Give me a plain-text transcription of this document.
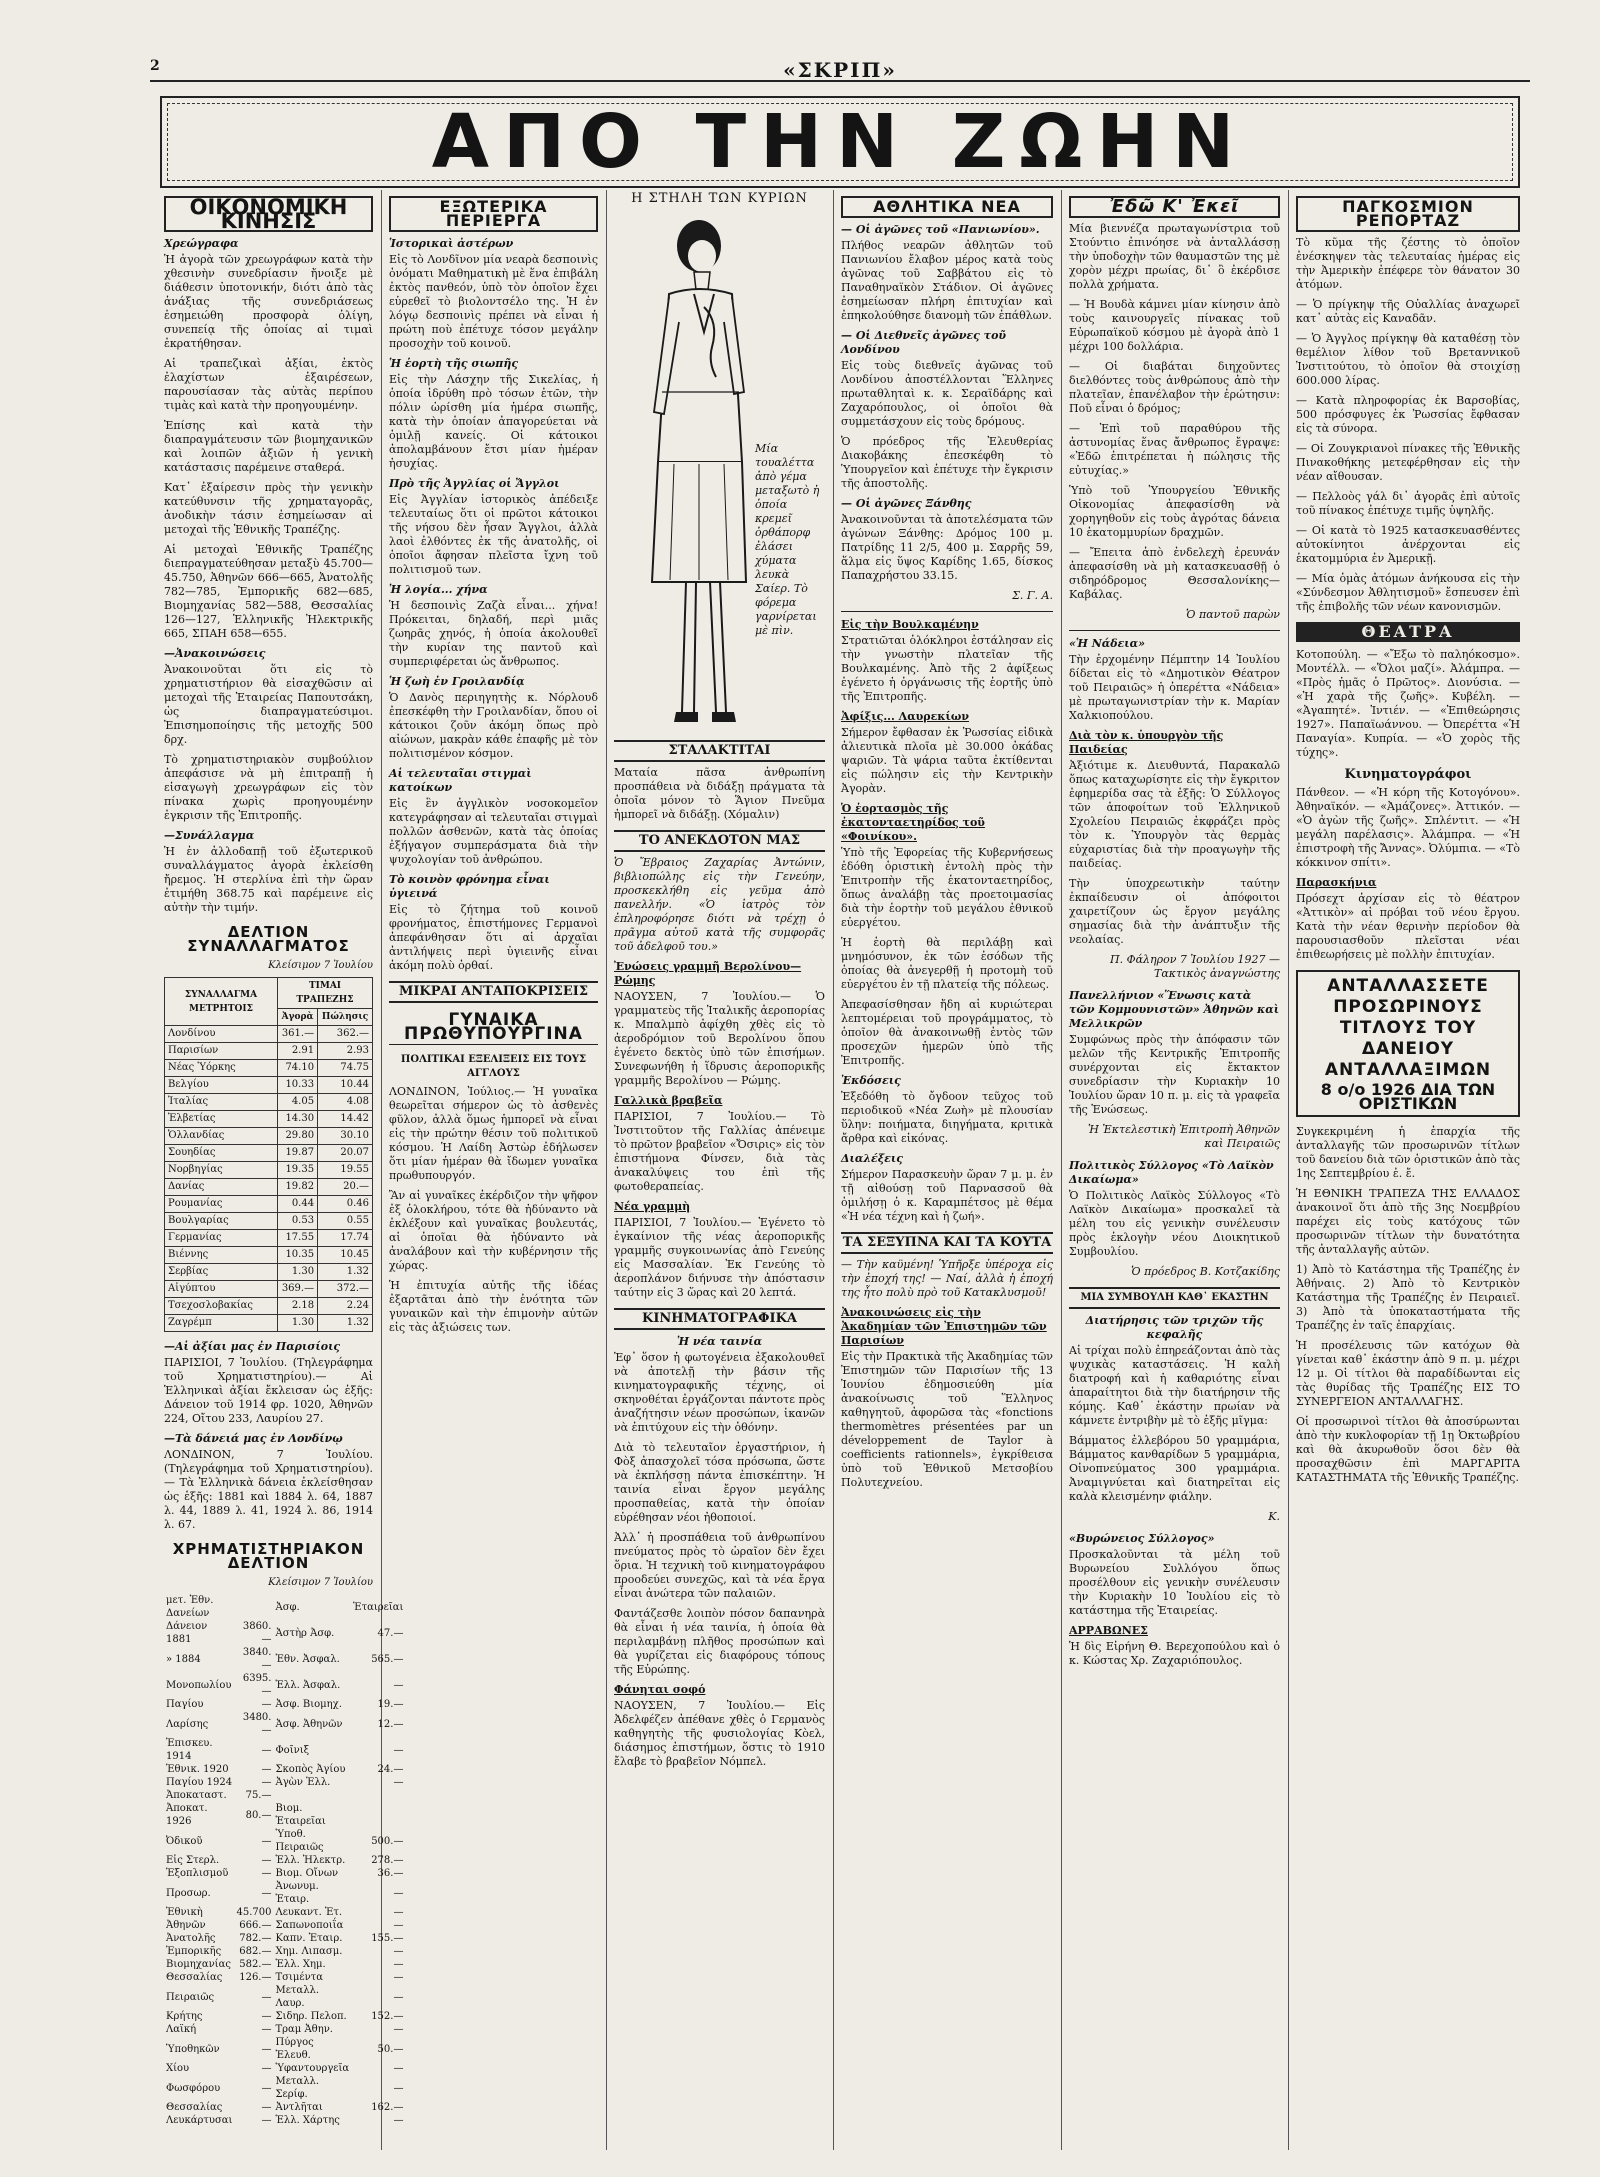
2	«ΣΚΡΙΠ»
ΑΠΟ ΤΗΝ ΖΩΗΝ
ΟΙΚΟΝΟΜΙΚΗ ΚΙΝΗΣΙΣ
Χρεώγραφα

Ἡ ἀγορὰ τῶν χρεωγράφων κατὰ τὴν χθεσινὴν συνεδρίασιν ἤνοιξε μὲ διάθεσιν ὑποτονικήν, διότι ἀπὸ τὰς ἀνάξιας τῆς συνεδριάσεως ἐσημειώθη προσφορὰ ὀλίγη, συνεπείᾳ τῆς ὁποίας αἱ τιμαὶ ἐκρατήθησαν.

Αἱ τραπεζικαὶ ἀξίαι, ἐκτὸς ἐλαχίστων ἐξαιρέσεων, παρουσίασαν τὰς αὐτὰς περίπου τιμὰς καὶ κατὰ τὴν προηγουμένην.

Ἐπίσης καὶ κατὰ τὴν διαπραγμάτευσιν τῶν βιομηχανικῶν καὶ λοιπῶν ἀξιῶν ἡ γενικὴ κατάστασις παρέμεινε σταθερά.

Κατ᾿ ἐξαίρεσιν πρὸς τὴν γενικὴν κατεύθυνσιν τῆς χρηματαγορᾶς, ἀνοδικὴν τάσιν ἐσημείωσαν αἱ μετοχαὶ τῆς Ἐθνικῆς Τραπέζης.

Αἱ μετοχαὶ Ἐθνικῆς Τραπέζης διεπραγματεύθησαν μεταξὺ 45.700—45.750, Ἀθηνῶν 666—665, Ἀνατολῆς 782—785, Ἐμπορικῆς 682—685, Βιομηχανίας 582—588, Θεσσαλίας 126—127, Ἑλληνικῆς Ἠλεκτρικῆς 665, ΣΠΑΗ 658—655.

—Ἀνακοινώσεις

Ἀνακοινοῦται ὅτι εἰς τὸ χρηματιστήριον θὰ εἰσαχθῶσιν αἱ μετοχαὶ τῆς Ἑταιρείας Παπουτσάκη, ὡς διαπραγματεύσιμοι. Ἐπισημοποίησις τῆς μετοχῆς 500 δρχ.

Τὸ χρηματιστηριακὸν συμβούλιον ἀπεφάσισε νὰ μὴ ἐπιτραπῇ ἡ εἰσαγωγὴ χρεωγράφων εἰς τὸν πίνακα χωρὶς προηγουμένην ἐγκρισιν τῆς Ἐπιτροπῆς.

—Συνάλλαγμα

Ἡ ἐν ἀλλοδαπῇ τοῦ ἐξωτερικοῦ συναλλάγματος ἀγορὰ ἐκλείσθη ἤρεμος. Ἡ στερλίνα ἐπὶ τὴν ὥραν ἐτιμήθη 368.75 καὶ παρέμεινε εἰς αὐτὴν τὴν τιμήν.

ΔΕΛΤΙΟΝ ΣΥΝΑΛΛΑΓΜΑΤΟΣ
Κλείσιμον 7 Ἰουλίου
ΣΥΝΑΛΛΑΓΜΑ ΜΕΤΡΗΤΟΙΣ	ΤΙΜΑΙ ΤΡΑΠΕΖΗΣ	
	Ἀγορὰ	Πώλησις
Λονδίνου	361.—	362.—
Παρισίων	2.91	2.93
Νέας Ὑόρκης	74.10	74.75
Βελγίου	10.33	10.44
Ἰταλίας	4.05	4.08
Ἑλβετίας	14.30	14.42
Ὁλλανδίας	29.80	30.10
Σουηδίας	19.87	20.07
Νορβηγίας	19.35	19.55
Δανίας	19.82	20.—
Ρουμανίας	0.44	0.46
Βουλγαρίας	0.53	0.55
Γερμανίας	17.55	17.74
Βιέννης	10.35	10.45
Σερβίας	1.30	1.32
Αἰγύπτου	369.—	372.—
Τσεχοσλοβακίας	2.18	2.24
Ζαγρέμπ	1.30	1.32
—Αἱ ἀξίαι μας ἐν Παρισίοις

ΠΑΡΙΣΙΟΙ, 7 Ἰουλίου. (Τηλεγράφημα τοῦ Χρηματιστηρίου).— Αἱ Ἑλληνικαὶ ἀξίαι ἔκλεισαν ὡς ἑξῆς: Δάνειον τοῦ 1914 φρ. 1020, Ἀθηνῶν 224, Οἴτου 233, Λαυρίου 27.

—Τὰ δάνειά μας ἐν Λονδίνῳ

ΛΟΝΔΙΝΟΝ, 7 Ἰουλίου. (Τηλεγράφημα τοῦ Χρηματιστηρίου).— Τὰ Ἑλληνικὰ δάνεια ἐκλείσθησαν ὡς ἑξῆς: 1881 καὶ 1884 λ. 64, 1887 λ. 44, 1889 λ. 41, 1924 λ. 86, 1914 λ. 67.

ΧΡΗΜΑΤΙΣΤΗΡΙΑΚΟΝ ΔΕΛΤΙΟΝ
Κλείσιμον 7 Ἰουλίου
μετ. Ἐθν. Δανείων		Ἀσφ.	Ἑταιρεῖαι
Δάνειον 1881	3860.—	Ἀστὴρ Ἀσφ.	47.—
» 1884	3840.—	Ἐθν. Ἀσφαλ.	565.—
Μονοπωλίου	6395.—	Ἑλλ. Ἀσφαλ.	—
Παγίου	—	Ἀσφ. Βιομηχ.	19.—
Λαρίσης	3480.—	Ἀσφ. Ἀθηνῶν	12.—
Ἐπισκευ. 1914	—	Φοῖνιξ	—
Ἐθνικ. 1920	—	Σκοπὸς Ἀγίου	24.—
Παγίου 1924	—	Ἀγὼν Ἑλλ.	—
Ἀποκαταστ.	75.—		
Ἀποκατ. 1926	80.—	Βιομ. Ἑταιρεῖαι	
Ὀδικοῦ	—	Ὑποθ. Πειραιῶς	500.—
Εἰς Στερλ.	—	Ἑλλ. Ἠλεκτρ.	278.—
Ἐξοπλισμοῦ	—	Βιομ. Οἴνων	36.—
Προσωρ.	—	Ἀνωνυμ. Ἑταιρ.	—
Ἐθνικὴ	45.700	Λευκαντ. Ἑτ.	—
Ἀθηνῶν	666.—	Σαπωνοποιΐα	—
Ἀνατολῆς	782.—	Καπν. Ἑταιρ.	155.—
Ἐμπορικῆς	682.—	Χημ. Λιπασμ.	—
Βιομηχανίας	582.—	Ἑλλ. Χημ.	—
Θεσσαλίας	126.—	Τσιμέντα	—
Πειραιῶς	—	Μεταλλ. Λαυρ.	—
Κρήτης	—	Σιδηρ. Πελοπ.	152.—
Λαϊκή	—	Τραμ Ἀθην.	—
Ὑποθηκῶν	—	Πύργος Ἐλευθ.	50.—
Χίου	—	Ὑφαντουργεῖα	—
Φωσφόρου	—	Μεταλλ. Σερίφ.	—
Θεσσαλίας	—	Ἀντλῆται	162.—
Λευκάρτυσαι	—	Ἑλλ. Χάρτης	—
ΕΞΩΤΕΡΙΚΑ ΠΕΡΙΕΡΓΑ
Ἱστορικαὶ ἀστέρων

Εἰς τὸ Λονδῖνον μία νεαρὰ δεσποινὶς ὀνόματι Μαθηματικὴ μὲ ἕνα ἐπιβάλη ἐκτὸς πανθεόν, ὑπὸ τὸν ὁποῖον ἔχει εὑρεθεῖ τὸ βιολοντσέλο της. Ἡ ἐν λόγῳ δεσποινὶς πρέπει νὰ εἶναι ἡ πρώτη ποὺ ἐπέτυχε τόσον μεγάλην προσοχὴν τοῦ κοινοῦ.

Ἡ ἑορτὴ τῆς σιωπῆς

Εἰς τὴν Λάσχην τῆς Σικελίας, ἡ ὁποία ἱδρύθη πρὸ τόσων ἐτῶν, τὴν πόλιν ὡρίσθη μία ἡμέρα σιωπῆς, κατὰ τὴν ὁποίαν ἀπαγορεύεται νὰ ὁμιλῇ κανείς. Οἱ κάτοικοι ἀπολαμβάνουν ἔτσι μίαν ἡμέραν ἡσυχίας.

Πρὸ τῆς Ἀγγλίας οἱ Ἄγγλοι

Εἰς Ἀγγλίαν ἱστορικὸς ἀπέδειξε τελευταίως ὅτι οἱ πρῶτοι κάτοικοι τῆς νήσου δὲν ἦσαν Ἄγγλοι, ἀλλὰ λαοὶ ἐλθόντες ἐκ τῆς ἀνατολῆς, οἱ ὁποῖοι ἄφησαν πλεῖστα ἴχνη τοῦ πολιτισμοῦ των.

Ἡ λογία... χήνα

Ἡ δεσποινὶς Ζαζὰ εἶναι... χήνα! Πρόκειται, δηλαδή, περὶ μιᾶς ζωηρᾶς χηνός, ἡ ὁποία ἀκολουθεῖ τὴν κυρίαν της παντοῦ καὶ συμπεριφέρεται ὡς ἄνθρωπος.

Ἡ ζωὴ ἐν Γροιλανδίᾳ

Ὁ Δανὸς περιηγητὴς κ. Νόρλουδ ἐπεσκέφθη τὴν Γροιλανδίαν, ὅπου οἱ κάτοικοι ζοῦν ἀκόμη ὅπως πρὸ αἰώνων, μακρὰν κάθε ἐπαφῆς μὲ τὸν πολιτισμένον κόσμον.

Αἱ τελευταῖαι στιγμαὶ κατοίκων

Εἰς ἓν ἀγγλικὸν νοσοκομεῖον κατεγράφησαν αἱ τελευταῖαι στιγμαὶ πολλῶν ἀσθενῶν, κατὰ τὰς ὁποίας ἐξήγαγον συμπεράσματα διὰ τὴν ψυχολογίαν τοῦ ἀνθρώπου.

Τὸ κοινὸν φρόνημα εἶναι ὑγιεινά

Εἰς τὸ ζήτημα τοῦ κοινοῦ φρονήματος, ἐπιστήμονες Γερμανοὶ ἀπεφάνθησαν ὅτι αἱ ἀρχαῖαι ἀντιλήψεις περὶ ὑγιεινῆς εἶναι ἀκόμη πολὺ ὀρθαί.

ΜΙΚΡΑΙ ΑΝΤΑΠΟΚΡΙΣΕΙΣ
ΓΥΝΑΙΚΑ ΠΡΩΘΥΠΟΥΡΓΙΝΑ
ΠΟΛΙΤΙΚΑΙ ΕΞΕΛΙΞΕΙΣ ΕΙΣ ΤΟΥΣ ΑΓΓΛΟΥΣ

ΛΟΝΔΙΝΟΝ, Ἰούλιος.— Ἡ γυναῖκα θεωρεῖται σήμερον ὡς τὸ ἀσθενὲς φῦλον, ἀλλὰ ὅμως ἡμπορεῖ νὰ εἶναι εἰς τὴν πρώτην θέσιν τοῦ πολιτικοῦ κόσμου. Ἡ Λαίδη Ἀστὼρ ἐδήλωσεν ὅτι μίαν ἡμέραν θὰ ἴδωμεν γυναῖκα πρωθυπουργόν.

Ἂν αἱ γυναῖκες ἐκέρδιζον τὴν ψῆφον ἐξ ὁλοκλήρου, τότε θὰ ἠδύναντο νὰ ἐκλέξουν καὶ γυναῖκας βουλευτάς, αἱ ὁποῖαι θὰ ἠδύναντο νὰ ἀναλάβουν καὶ τὴν κυβέρνησιν τῆς χώρας.

Ἡ ἐπιτυχία αὐτῆς τῆς ἰδέας ἐξαρτᾶται ἀπὸ τὴν ἐνότητα τῶν γυναικῶν καὶ τὴν ἐπιμονὴν αὐτῶν εἰς τὰς ἀξιώσεις των.

Η ΣΤΗΛΗ ΤΩΝ ΚΥΡΙΩΝ
Μία τουαλέττα ἀπὸ γέμα μεταξωτὸ ἡ ὁποία κρεμεῖ ὀρθάπορφ ἐλάσει χύματα λευκὰ Σαίερ. Τὸ φόρεμα γαρνίρεται μὲ πὶν.
ΣΤΑΛΑΚΤΙΤΑΙ

Ματαία πᾶσα ἀνθρωπίνη προσπάθεια νὰ διδάξῃ πράγματα τὰ ὁποῖα μόνον τὸ Ἅγιον Πνεῦμα ἠμπορεῖ νὰ διδάξῃ. (Χόμαλιν)

ΤΟ ΑΝΕΚΔΟΤΟΝ ΜΑΣ

Ὁ Ἔβραιος Ζαχαρίας Ἀντώνιν, βιβλιοπώλης εἰς τὴν Γενεύην, προσκεκλήθη εἰς γεῦμα ἀπὸ πανελλήν. «Ὁ ἰατρὸς τὸν ἐπληροφόρησε διότι νὰ τρέχῃ ὁ πρᾶγμα αὐτοῦ κατὰ τῆς συμφορᾶς τοῦ ἀδελφοῦ του.»

Ἐνώσεις γραμμῆ Βερολίνου—Ρώμης

ΝΑΟΥΣΕΝ, 7 Ἰουλίου.— Ὁ γραμματεὺς τῆς Ἰταλικῆς ἀεροπορίας κ. Μπαλμπὸ ἀφίχθη χθὲς εἰς τὸ ἀεροδρόμιον τοῦ Βερολίνου ὅπου ἐγένετο δεκτὸς ὑπὸ τῶν ἐπισήμων. Συνεφωνήθη ἡ ἵδρυσις ἀεροπορικῆς γραμμῆς Βερολίνου — Ρώμης.

Γαλλικὰ βραβεῖα

ΠΑΡΙΣΙΟΙ, 7 Ἰουλίου.— Τὸ Ἰνστιτοῦτον τῆς Γαλλίας ἀπένειμε τὸ πρῶτον βραβεῖον «Ὄσιρις» εἰς τὸν ἐπιστήμονα Φίνσεν, διὰ τὰς ἀνακαλύψεις του ἐπὶ τῆς φωτοθεραπείας.

Νέα γραμμὴ

ΠΑΡΙΣΙΟΙ, 7 Ἰουλίου.— Ἐγένετο τὸ ἐγκαίνιον τῆς νέας ἀεροπορικῆς γραμμῆς συγκοινωνίας ἀπὸ Γενεύης εἰς Μασσαλίαν. Ἐκ Γενεύης τὸ ἀεροπλάνον διήνυσε τὴν ἀπόστασιν ταύτην εἰς 3 ὥρας καὶ 20 λεπτά.

ΚΙΝΗΜΑΤΟΓΡΑΦΙΚΑ
Ἡ νέα ταινία

Ἐφ᾿ ὅσον ἡ φωτογένεια ἐξακολουθεῖ νὰ ἀποτελῇ τὴν βάσιν τῆς κινηματογραφικῆς τέχνης, οἱ σκηνοθέται ἐργάζονται πάντοτε πρὸς ἀναζήτησιν νέων προσώπων, ἱκανῶν νὰ ἐπιτύχουν εἰς τὴν ὀθόνην.

Διὰ τὸ τελευταῖον ἐργαστήριον, ἡ Φὸξ ἀπασχολεῖ τόσα πρόσωπα, ὥστε νὰ ἐκπλήσσῃ πάντα ἐπισκέπτην. Ἡ ταινία εἶναι ἔργον μεγάλης προσπαθείας, κατὰ τὴν ὁποίαν εὑρέθησαν νέοι ἠθοποιοί.

Ἀλλ᾿ ἡ προσπάθεια τοῦ ἀνθρωπίνου πνεύματος πρὸς τὸ ὡραῖον δὲν ἔχει ὅρια. Ἡ τεχνικὴ τοῦ κινηματογράφου προοδεύει συνεχῶς, καὶ τὰ νέα ἔργα εἶναι ἀνώτερα τῶν παλαιῶν.

Φαντάζεσθε λοιπὸν πόσον δαπανηρὰ θὰ εἶναι ἡ νέα ταινία, ἡ ὁποία θὰ περιλαμβάνῃ πλῆθος προσώπων καὶ θὰ γυρίζεται εἰς διαφόρους τόπους τῆς Εὐρώπης.

Φάνηται σοφό

ΝΑΟΥΣΕΝ, 7 Ἰουλίου.— Εἰς Ἀδελφέζεν ἀπέθανε χθὲς ὁ Γερμανὸς καθηγητὴς τῆς φυσιολογίας Κὸελ, διάσημος ἐπιστήμων, ὅστις τὸ 1910 ἔλαβε τὸ βραβεῖον Νόμπελ.

ΑΘΛΗΤΙΚΑ ΝΕΑ
— Οἱ ἀγῶνες τοῦ «Πανιωνίου».

Πλήθος νεαρῶν ἀθλητῶν τοῦ Πανιωνίου ἔλαβον μέρος κατὰ τοὺς ἀγῶνας τοῦ Σαββάτου εἰς τὸ Παναθηναϊκὸν Στάδιον. Οἱ ἀγῶνες ἐσημείωσαν πλήρη ἐπιτυχίαν καὶ ἐπηκολούθησε διανομὴ τῶν ἐπάθλων.

— Οἱ Διεθνεῖς ἀγῶνες τοῦ Λονδίνου

Εἰς τοὺς διεθνεῖς ἀγῶνας τοῦ Λονδίνου ἀποστέλλονται Ἕλληνες πρωταθληταὶ κ. κ. Σεραϊδάρης καὶ Ζαχαρόπουλος, οἱ ὁποῖοι θὰ συμμετάσχουν εἰς τοὺς δρόμους.

Ὁ πρόεδρος τῆς Ἐλευθερίας Διακοβάκης ἐπεσκέφθη τὸ Ὑπουργεῖον καὶ ἐπέτυχε τὴν ἔγκρισιν τῆς ἀποστολῆς.

— Οἱ ἀγῶνες Ξάνθης

Ἀνακοινοῦνται τὰ ἀποτελέσματα τῶν ἀγώνων Ξάνθης: Δρόμος 100 μ. Πατρίδης 11 2/5, 400 μ. Σαρρῆς 59, ἅλμα εἰς ὕψος Καρίδης 1.65, δίσκος Παπαχρήστου 33.15.

Σ. Γ. Α.
Εἰς τὴν Βουλκαμένην

Στρατιῶται ὁλόκληροι ἐστάλησαν εἰς τὴν γνωστὴν πλατεῖαν τῆς Βουλκαμένης. Ἀπὸ τῆς 2 ἀφίξεως ἐγένετο ἡ ὀργάνωσις τῆς ἑορτῆς ὑπὸ τῆς Ἐπιτροπῆς.

Ἀφίξις... Λαυρεκίων

Σήμερον ἔφθασαν ἐκ Ῥωσσίας εἰδικὰ ἀλιευτικὰ πλοῖα μὲ 30.000 ὀκάδας ψαριῶν. Τὰ ψάρια ταῦτα ἐκτίθενται εἰς πώλησιν εἰς τὴν Κεντρικὴν Ἀγορὰν.

Ὁ ἑορτασμὸς τῆς ἑκατονταετηρίδος τοῦ «Φοινίκου».

Ὑπὸ τῆς Ἐφορείας τῆς Κυβερνήσεως ἐδόθη ὁριστικὴ ἐντολὴ πρὸς τὴν Ἐπιτροπὴν τῆς ἑκατονταετηρίδος, ὅπως ἀναλάβῃ τὰς προετοιμασίας διὰ τὴν ἑορτὴν τοῦ μεγάλου ἐθνικοῦ εὐεργέτου.

Ἡ ἑορτὴ θὰ περιλάβῃ καὶ μνημόσυνον, ἐκ τῶν ἐσόδων τῆς ὁποίας θὰ ἀνεγερθῇ ἡ προτομὴ τοῦ εὐεργέτου ἐν τῇ πλατείᾳ τῆς πόλεως.

Ἀπεφασίσθησαν ἤδη αἱ κυριώτεραι λεπτομέρειαι τοῦ προγράμματος, τὸ ὁποῖον θὰ ἀνακοινωθῇ ἐντὸς τῶν προσεχῶν ἡμερῶν ὑπὸ τῆς Ἐπιτροπῆς.

Ἐκδόσεις

Ἐξεδόθη τὸ ὄγδοον τεῦχος τοῦ περιοδικοῦ «Νέα Ζωὴ» μὲ πλουσίαν ὕλην: ποιήματα, διηγήματα, κριτικὰ ἄρθρα καὶ εἰκόνας.

Διαλέξεις

Σήμερον Παρασκευὴν ὥραν 7 μ. μ. ἐν τῇ αἰθούσῃ τοῦ Παρνασσοῦ θὰ ὁμιλήσῃ ὁ κ. Καραμπέτσος μὲ θέμα «Ἡ νέα τέχνη καὶ ἡ ζωή».

ΤΑ ΣΕΞΥΠΝΑ ΚΑΙ ΤΑ ΚΟΥΤΑ

— Τὴν καϋμένη! Ὑπῆρξε ὑπέροχα εἰς τὴν ἐποχή της! — Ναί, ἀλλὰ ἡ ἐποχή της ἦτο πολὺ πρὸ τοῦ Κατακλυσμοῦ!

Ἀνακοινώσεις εἰς τὴν Ἀκαδημίαν τῶν Ἐπιστημῶν τῶν Παρισίων

Εἰς τὴν Πρακτικὰ τῆς Ἀκαδημίας τῶν Ἐπιστημῶν τῶν Παρισίων τῆς 13 Ἰουνίου ἐδημοσιεύθη μία ἀνακοίνωσις τοῦ Ἕλληνος καθηγητοῦ, ἀφορῶσα τὰς «fonctions thermomètres présentées par un développement de Taylor à coefficients rationnels», ἐγκρίθεισα ὑπὸ τοῦ Ἐθνικοῦ Μετσοβίου Πολυτεχνείου.

Ἐδῶ Κ' Ἐκεῖ

Μία βιεννέζα πρωταγωνίστρια τοῦ Στούντιο ἐπινόησε νὰ ἀνταλλάσσῃ τὴν ὑποδοχὴν τῶν θαυμαστῶν της μὲ χορὸν μέχρι πρωίας, δι᾿ ὃ ἐκέρδισε πολλὰ χρήματα.

— Ἡ Βουδὰ κάμνει μίαν κίνησιν ἀπὸ τοὺς καινουργεῖς πίνακας τοῦ Εὐρωπαϊκοῦ κόσμου μὲ ἀγορὰ ἀπὸ 1 μέχρι 100 δολλάρια.

— Οἱ διαβάται διηχοῦντες διελθόντες τοὺς ἀνθρώπους ἀπὸ τὴν πλατεῖαν, ἐπανέλαβον τὴν ἐρώτησιν: Ποῦ εἶναι ὁ δρόμος;

— Ἐπὶ τοῦ παραθύρου τῆς ἀστυνομίας ἕνας ἄνθρωπος ἔγραψε: «Ἐδῶ ἐπιτρέπεται ἡ πώλησις τῆς εὐτυχίας.»

Ὑπὸ τοῦ Ὑπουργείου Ἐθνικῆς Οἰκονομίας ἀπεφασίσθη νὰ χορηγηθοῦν εἰς τοὺς ἀγρότας δάνεια 10 ἑκατομμυρίων δραχμῶν.

— Ἔπειτα ἀπὸ ἐνδελεχὴ ἐρευνάν ἀπεφασίσθη νὰ μὴ κατασκευασθῇ ὁ σιδηρόδρομος Θεσσαλονίκης—Καβάλας.

Ὁ παντοῦ παρὼν
«Ἡ Νάδεια»

Τὴν ἐρχομένην Πέμπτην 14 Ἰουλίου δίδεται εἰς τὸ «Δημοτικὸν Θέατρον τοῦ Πειραιῶς» ἡ ὀπερέττα «Νάδεια» μὲ πρωταγωνιστρίαν τὴν κ. Μαρίαν Χαλκιοπούλου.

Διὰ τὸν κ. ὑπουργὸν τῆς Παιδείας

Ἀξιότιμε κ. Διευθυντά, Παρακαλῶ ὅπως καταχωρίσητε εἰς τὴν ἔγκριτον ἐφημερίδα σας τὰ ἑξῆς: Ὁ Σύλλογος τῶν ἀποφοίτων τοῦ Ἑλληνικοῦ Σχολείου Πειραιῶς ἐκφράζει πρὸς τὸν κ. Ὑπουργὸν τὰς θερμὰς εὐχαριστίας διὰ τὴν προαγωγὴν τῆς παιδείας.

Τὴν ὑποχρεωτικὴν ταύτην ἐκπαίδευσιν οἱ ἀπόφοιτοι χαιρετίζουν ὡς ἔργον μεγάλης σημασίας διὰ τὴν ἀνάπτυξιν τῆς νεολαίας.

Π. Φάληρον 7 Ἰουλίου 1927 — Τακτικὸς ἀναγνώστης
Πανελλήνιον «Ἕνωσις κατὰ τῶν Κομμουνιστῶν» Ἀθηνῶν καὶ Μελλικρῶν

Συμφώνως πρὸς τὴν ἀπόφασιν τῶν μελῶν τῆς Κεντρικῆς Ἐπιτροπῆς συνέρχονται εἰς ἔκτακτον συνεδρίασιν τὴν Κυριακὴν 10 Ἰουλίου ὥραν 10 π. μ. εἰς τὰ γραφεῖα τῆς Ἑνώσεως.

Ἡ Ἐκτελεστικὴ Ἐπιτροπὴ Ἀθηνῶν καὶ Πειραιῶς
Πολιτικὸς Σύλλογος «Τὸ Λαϊκὸν Δικαίωμα»

Ὁ Πολιτικὸς Λαϊκὸς Σύλλογος «Τὸ Λαϊκὸν Δικαίωμα» προσκαλεῖ τὰ μέλη του εἰς γενικὴν συνέλευσιν πρὸς ἐκλογὴν νέου Διοικητικοῦ Συμβουλίου.

Ὁ πρόεδρος Β. Κοτζακίδης
ΜΙΑ ΣΥΜΒΟΥΛΗ ΚΑΘ᾿ ΕΚΑΣΤΗΝ
Διατήρησις τῶν τριχῶν τῆς κεφαλῆς

Αἱ τρίχαι πολὺ ἐπηρεάζονται ἀπὸ τὰς ψυχικὰς καταστάσεις. Ἡ καλὴ διατροφή καὶ ἡ καθαριότης εἶναι ἀπαραίτητοι διὰ τὴν διατήρησιν τῆς κόμης. Καθ᾿ ἑκάστην πρωίαν νὰ κάμνετε ἐντριβὴν μὲ τὸ ἑξῆς μῖγμα:

Βάμματος ἐλλεβόρου 50 γραμμάρια, Βάμματος κανθαρίδων 5 γραμμάρια, Οἰνοπνεύματος 300 γραμμάρια. Ἀναμιγνύεται καὶ διατηρεῖται εἰς καλὰ κλεισμένην φιάλην.

Κ.
«Βυρώνειος Σύλλογος»

Προσκαλοῦνται τὰ μέλη τοῦ Βυρωνείου Συλλόγου ὅπως προσέλθουν εἰς γενικὴν συνέλευσιν τὴν Κυριακὴν 10 Ἰουλίου εἰς τὸ κατάστημα τῆς Ἑταιρείας.

ΑΡΡΑΒΩΝΕΣ

Ἡ δὶς Εἰρήνη Θ. Βερεχοπούλου καὶ ὁ κ. Κώστας Χρ. Ζαχαριόπουλος.

ΠΑΓΚΟΣΜΙΟΝ ΡΕΠΟΡΤΑΖ

Τὸ κῦμα τῆς ζέστης τὸ ὁποῖον ἐνέσκηψεν τὰς τελευταίας ἡμέρας εἰς τὴν Ἀμερικὴν ἐπέφερε τὸν θάνατον 30 ἀτόμων.

— Ὁ πρίγκηψ τῆς Οὐαλλίας ἀναχωρεῖ κατ᾿ αὐτὰς εἰς Καναδᾶν.

— Ὁ Ἀγγλος πρίγκηψ θὰ καταθέσῃ τὸν θεμέλιον λίθον τοῦ Βρεταννικοῦ Ἰνστιτούτου, τὸ ὁποῖον θὰ στοιχίσῃ 600.000 λίρας.

— Κατὰ πληροφορίας ἐκ Βαρσοβίας, 500 πρόσφυγες ἐκ Ῥωσσίας ἔφθασαν εἰς τὰ σύνορα.

— Οἱ Ζουγκριανοὶ πίνακες τῆς Ἐθνικῆς Πινακοθήκης μετεφέρθησαν εἰς τὴν νέαν αἴθουσαν.

— Πελλοὸς γάλ δι᾿ ἁγορᾶς ἐπὶ αὐτοῖς τοῦ πίνακος ἐπέτυχε τιμῆς ὑψηλῆς.

— Οἱ κατὰ τὸ 1925 κατασκευασθέντες αὐτοκίνητοι ἀνέρχονται εἰς ἑκατομμύρια ἐν Ἀμερικῇ.

— Μία ὁμὰς ἀτόμων ἀνήκουσα εἰς τὴν «Σύνδεσμον Ἀθλητισμοῦ» ἔσπευσεν ἐπὶ τῆς ἐπιβολῆς τῶν νέων κανονισμῶν.

ΘΕΑΤΡΑ

Κοτοπούλη. — «Ἔξω τὸ παληόκοσμο». Μοντέλλ. — «Ὅλοι μαζί». Ἀλάμπρα. — «Πρὸς ἡμᾶς ὁ Πρῶτος». Διονύσια. — «Ἡ χαρὰ τῆς ζωῆς». Κυβέλη. — «Ἀγαπητέ». Ἱντιέν. — «Ἐπιθεώρησις 1927». Παπαϊωάννου. — Ὀπερέττα «Ἡ Παναγία». Κυπρία. — «Ὁ χορὸς τῆς τύχης».

Κινηματογράφοι

Πάνθεον. — «Ἡ κόρη τῆς Κοτογόνου». Ἀθηναϊκόν. — «Ἀμάζονες». Ἀττικόν. — «Ὁ ἀγὼν τῆς ζωῆς». Σπλέντιτ. — «Ἡ μεγάλη παρέλασις». Ἀλάμπρα. — «Ἡ ἐπιστροφὴ τῆς Ἄννας». Ὀλύμπια. — «Τὸ κόκκινον σπίτι».

Παρασκήνια

Πρόσεχτ ἀρχίσαν εἰς τὸ θέατρον «Ἀττικὸν» αἱ πρόβαι τοῦ νέου ἔργου. Κατὰ τὴν νέαν θερινὴν περίοδον θὰ παρουσιασθοῦν πλεῖσται νέαι ἐπιθεωρήσεις μὲ πολλὴν ἐπιτυχίαν.

ΑΝΤΑΛΛΑΣΣΕΤΕ ΠΡΟΣΩΡΙΝΟΥΣ ΤΙΤΛΟΥΣ ΤΟΥ ΔΑΝΕΙΟΥ ΑΝΤΑΛΛΑΞΙΜΩΝ
8 ο/ο 1926 ΔΙΑ ΤΩΝ ΟΡΙΣΤΙΚΩΝ

Συγκεκριμένη ἡ ἐπαρχία τῆς ἀνταλλαγῆς τῶν προσωρινῶν τίτλων τοῦ δανείου διὰ τῶν ὁριστικῶν ἀπὸ τὰς 1ης Σεπτεμβρίου ἐ. ἔ.

Ἡ ΕΘΝΙΚΗ ΤΡΑΠΕΖΑ ΤΗΣ ΕΛΛΑΔΟΣ ἀνακοινοῖ ὅτι ἀπὸ τῆς 3ης Νοεμβρίου παρέχει εἰς τοὺς κατόχους τῶν προσωρινῶν τίτλων τὴν δυνατότητα τῆς ἀνταλλαγῆς αὐτῶν.

1) Ἀπὸ τὸ Κατάστημα τῆς Τραπέζης ἐν Ἀθήναις. 2) Ἀπὸ τὸ Κεντρικὸν Κατάστημα τῆς Τραπέζης ἐν Πειραιεῖ. 3) Ἀπὸ τὰ ὑποκαταστήματα τῆς Τραπέζης ἐν ταῖς ἐπαρχίαις.

Ἡ προσέλευσις τῶν κατόχων θὰ γίνεται καθ᾿ ἑκάστην ἀπὸ 9 π. μ. μέχρι 12 μ. Οἱ τίτλοι θὰ παραδίδωνται εἰς τὰς θυρίδας τῆς Τραπέζης ΕΙΣ ΤΟ ΣΥΝΕΡΓΕΙΟΝ ΑΝΤΑΛΛΑΓΗΣ.

Οἱ προσωρινοὶ τίτλοι θὰ ἀποσύρωνται ἀπὸ τὴν κυκλοφορίαν τῇ 1ῃ Ὀκτωβρίου καὶ θὰ ἀκυρωθοῦν ὅσοι δὲν θὰ προσαχθῶσιν ἐπὶ ΜΑΡΓΑΡΙΤΑ ΚΑΤΑΣΤΗΜΑΤΑ τῆς Ἐθνικῆς Τραπέζης.
